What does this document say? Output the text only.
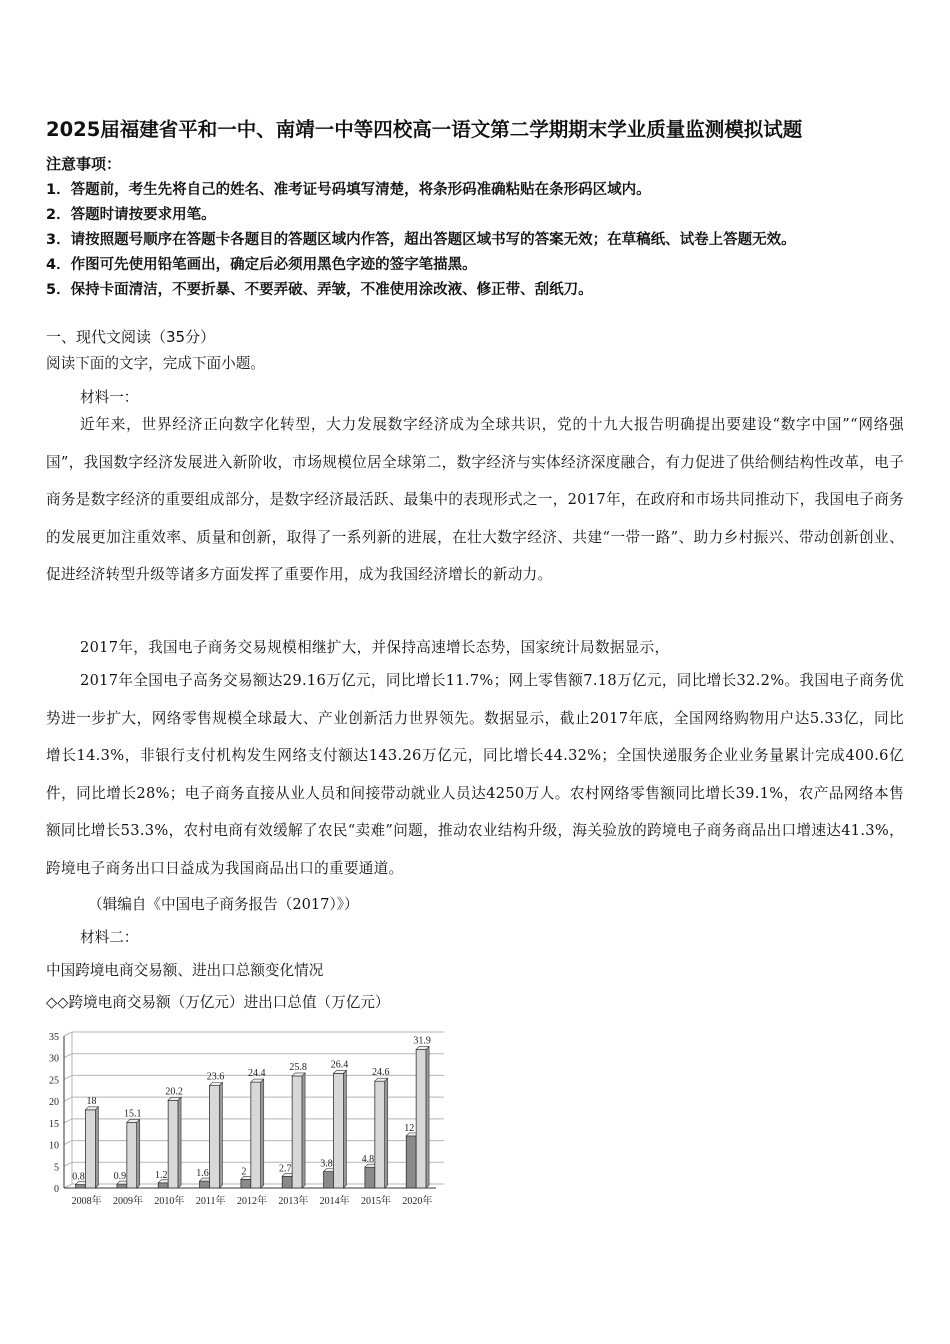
2025届福建省平和一中、南靖一中等四校高一语文第二学期期末学业质量监测模拟试题
注意事项：
1．答题前，考生先将自己的姓名、准考证号码填写清楚，将条形码准确粘贴在条形码区域内。
2．答题时请按要求用笔。
3．请按照题号顺序在答题卡各题目的答题区域内作答，超出答题区域书写的答案无效；在草稿纸、试卷上答题无效。
4．作图可先使用铅笔画出，确定后必须用黑色字迹的签字笔描黑。
5．保持卡面清洁，不要折暴、不要弄破、弄皱，不准使用涂改液、修正带、刮纸刀。
一、现代文阅读（35分）
阅读下面的文字，完成下面小题。
材料一：

近年来，世界经济正向数字化转型，大力发展数字经济成为全球共识，党的十九大报告明确提出要建设“数字中国”“网络强国”，我国数字经济发展进入新阶收，市场规模位居全球第二，数字经济与实体经济深度融合，有力促进了供给侧结构性改革，电子商务是数字经济的重要组成部分，是数字经济最活跃、最集中的表现形式之一，2017年，在政府和市场共同推动下，我国电子商务的发展更加注重效率、质量和创新，取得了一系列新的进展，在壮大数字经济、共建“一带一路”、助力乡村振兴、带动创新创业、促进经济转型升级等诸多方面发挥了重要作用，成为我国经济增长的新动力。

2017年，我国电子商务交易规模相继扩大，并保持高速增长态势，国家统计局数据显示，

2017年全国电子高务交易额达29.16万亿元，同比增长11.7%；网上零售额7.18万亿元，同比增长32.2%。我国电子商务优势进一步扩大，网络零售规模全球最大、产业创新活力世界领先。数据显示，截止2017年底，全国网络购物用户达5.33亿，同比增长14.3%，非银行支付机构发生网络支付额达143.26万亿元，同比增长44.32%；全国快递服务企业业务量累计完成400.6亿件，同比增长28%；电子商务直接从业人员和间接带动就业人员达4250万人。农村网络零售额同比增长39.1%，农产品网络本售额同比增长53.3%，农村电商有效缓解了农民“卖难”问题，推动农业结构升级，海关验放的跨境电子商务商品出口增速达41.3%，跨境电子商务出口日益成为我国商品出口的重要通道。

（辑编自《中国电子商务报告（2017）》）
材料二：
中国跨境电商交易额、进出口总额变化情况
◇◇跨境电商交易额（万亿元）进出口总值（万亿元）
0
5
10
15
20
25
30
35
0.8
18
2008年
0.9
15.1
2009年
1.2
20.2
2010年
1.6
23.6
2011年
2
24.4
2012年
2.7
25.8
2013年
3.8
26.4
2014年
4.8
24.6
2015年
12
31.9
2020年
